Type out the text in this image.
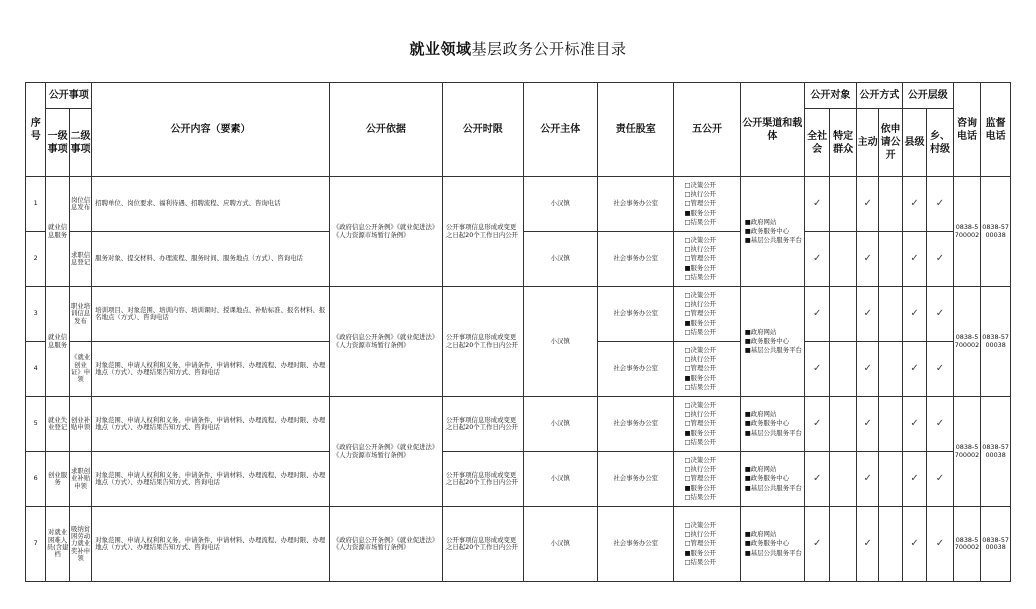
就业领域基层政务公开标准目录
序号	公开事项		公开内容（要素）	公开依据	公开时限	公开主体	责任股室	五公开	公开渠道和载体	公开对象		公开方式		公开层级		咨询电话	监督电话
	一级事项	二级事项								全社会	特定群众	主动	依申请公开	县级	乡、村级		

1	就业信息服务	岗位信息发布	招聘单位、岗位要求、福利待遇、招聘流程、应聘方式、咨询电话	《政府信息公开条例》《就业促进法》《人力资源市场暂行条例》	公开事项信息形成或变更之日起20个工作日内公开	小汉镇	社会事务办公室	□决策公开
□执行公开
□管理公开
■服务公开
□结果公开	■政府网站
■政务服务中心
■基层公共服务平台	✓		✓		✓	✓	0838-5700002	0838-5700038
2		求职信息登记	服务对象、提交材料、办理流程、服务时间、服务地点（方式）、咨询电话			小汉镇	社会事务办公室	□决策公开
□执行公开
□管理公开
■服务公开
□结果公开		✓		✓		✓	✓		
3	就业信息服务	职业培训信息发布	培训项目、对象范围、培训内容、培训课时、授课地点、补贴标准、报名材料、报名地点（方式）、咨询电话	《政府信息公开条例》《就业促进法》《人力资源市场暂行条例》	公开事项信息形成或变更之日起20个工作日内公开	小汉镇	社会事务办公室	□决策公开
□执行公开
□管理公开
■服务公开
□结果公开	■政府网站
■政务服务中心
■基层公共服务平台	✓		✓		✓	✓	0838-5700002	0838-5700038
4		《就业创业证》申领	对象范围、申请人权利和义务、申请条件、申请材料、办理流程、办理时限、办理地点（方式）、办理结果告知方式、咨询电话				社会事务办公室	□决策公开
□执行公开
□管理公开
■服务公开
□结果公开		✓		✓		✓	✓		
5	就业失业登记	创业补贴申领	对象范围、申请人权利和义务、申请条件、申请材料、办理流程、办理时限、办理地点（方式）、办理结果告知方式、咨询电话	《政府信息公开条例》《就业促进法》《人力资源市场暂行条例》	公开事项信息形成或变更之日起20个工作日内公开	小汉镇	社会事务办公室	□决策公开
□执行公开
□管理公开
■服务公开
□结果公开	■政府网站
■政务服务中心
■基层公共服务平台	✓		✓		✓	✓	0838-5700002	0838-5700038
6	创业服务	求职创业补贴申领	对象范围、申请人权利和义务、申请条件、申请材料、办理流程、办理时限、办理地点（方式）、办理结果告知方式、咨询电话		公开事项信息形成或变更之日起20个工作日内公开	小汉镇	社会事务办公室	□决策公开
□执行公开
□管理公开
■服务公开
□结果公开	■政府网站
■政务服务中心
■基层公共服务平台	✓		✓		✓	✓		
7	对就业困难人员(含建档	吸纳贫困劳动力就业奖补申领	对象范围、申请人权利和义务、申请条件、申请材料、办理流程、办理时限、办理地点（方式）、办理结果告知方式、咨询电话	《政府信息公开条例》《就业促进法》《人力资源市场暂行条例》	公开事项信息形成或变更之日起20个工作日内公开	小汉镇	社会事务办公室	□决策公开
□执行公开
□管理公开
■服务公开
□结果公开	■政府网站
■政务服务中心
■基层公共服务平台	✓		✓		✓	✓	0838-5700002	0838-5700038
